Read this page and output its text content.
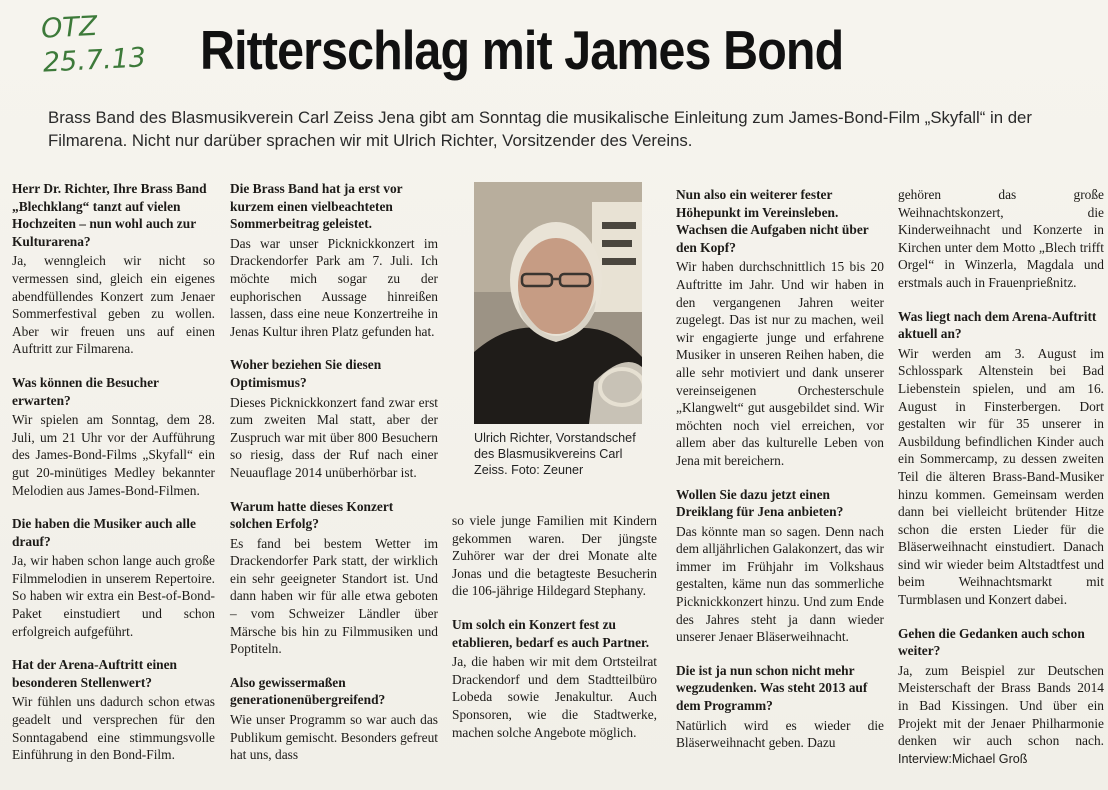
OTZ
25.7.13 Ritterschlag mit James Bond
Brass Band des Blasmusikverein Carl Zeiss Jena gibt am Sonntag die musikalische Einleitung zum James-Bond-Film „Skyfall“ in der Filmarena. Nicht nur darüber sprachen wir mit Ulrich Richter, Vorsitzender des Vereins.

Herr Dr. Richter, Ihre Brass Band „Blechklang“ tanzt auf vielen Hochzeiten – nun wohl auch zur Kulturarena?

Ja, wenngleich wir nicht so vermessen sind, gleich ein eigenes abendfüllendes Konzert zum Jenaer Sommerfestival geben zu wollen. Aber wir freuen uns auf einen Auftritt zur Filmarena.

Was können die Besucher erwarten?

Wir spielen am Sonntag, dem 28. Juli, um 21 Uhr vor der Aufführung des James-Bond-Films „Skyfall“ ein gut 20-minütiges Medley bekannter Melodien aus James-Bond-Filmen.

Die haben die Musiker auch alle drauf?

Ja, wir haben schon lange auch große Filmmelodien in unserem Repertoire. So haben wir extra ein Best-of-Bond-Paket einstudiert und schon erfolgreich aufgeführt.

Hat der Arena-Auftritt einen besonderen Stellenwert?

Wir fühlen uns dadurch schon etwas geadelt und versprechen für den Sonntagabend eine stimmungsvolle Einführung in den Bond-Film.

Die Brass Band hat ja erst vor kurzem einen vielbeachteten Sommerbeitrag geleistet.

Das war unser Picknickkonzert im Drackendorfer Park am 7. Juli. Ich möchte mich sogar zu der euphorischen Aussage hinreißen lassen, dass eine neue Konzertreihe in Jenas Kultur ihren Platz gefunden hat.

Woher beziehen Sie diesen Optimismus?

Dieses Picknickkonzert fand zwar erst zum zweiten Mal statt, aber der Zuspruch war mit über 800 Besuchern so riesig, dass der Ruf nach einer Neuauflage 2014 unüberhörbar ist.

Warum hatte dieses Konzert solchen Erfolg?

Es fand bei bestem Wetter im Drackendorfer Park statt, der wirklich ein sehr geeigneter Standort ist. Und dann haben wir für alle etwa geboten – vom Schweizer Ländler über Märsche bis hin zu Filmmusiken und Poptiteln.

Also gewissermaßen generationenübergreifend?

Wie unser Programm so war auch das Publikum gemischt. Besonders gefreut hat uns, dass

Ulrich Richter, Vorstandschef des Blasmusikvereins Carl Zeiss. Foto: Zeuner

so viele junge Familien mit Kindern gekommen waren. Der jüngste Zuhörer war der drei Monate alte Jonas und die betagteste Besucherin die 106-jährige Hildegard Stephany.

Um solch ein Konzert fest zu etablieren, bedarf es auch Partner.

Ja, die haben wir mit dem Ortsteilrat Drackendorf und dem Stadtteilbüro Lobeda sowie Jenakultur. Auch Sponsoren, wie die Stadtwerke, machen solche Angebote möglich.

Nun also ein weiterer fester Höhepunkt im Vereinsleben. Wachsen die Aufgaben nicht über den Kopf?

Wir haben durchschnittlich 15 bis 20 Auftritte im Jahr. Und wir haben in den vergangenen Jahren weiter zugelegt. Das ist nur zu machen, weil wir engagierte junge und erfahrene Musiker in unseren Reihen haben, die alle sehr motiviert und dank unserer vereinseigenen Orchesterschule „Klangwelt“ gut ausgebildet sind. Wir möchten noch viel erreichen, vor allem aber das kulturelle Leben von Jena mit bereichern.

Wollen Sie dazu jetzt einen Dreiklang für Jena anbieten?

Das könnte man so sagen. Denn nach dem alljährlichen Galakonzert, das wir immer im Frühjahr im Volkshaus gestalten, käme nun das sommerliche Picknickkonzert hinzu. Und zum Ende des Jahres steht ja dann wieder unserer Jenaer Bläserweihnacht.

Die ist ja nun schon nicht mehr wegzudenken. Was steht 2013 auf dem Programm?

Natürlich wird es wieder die Bläserweihnacht geben. Dazu

gehören das große Weihnachtskonzert, die Kinderweihnacht und Konzerte in Kirchen unter dem Motto „Blech trifft Orgel“ in Winzerla, Magdala und erstmals auch in Frauenprießnitz.

Was liegt nach dem Arena-Auftritt aktuell an?

Wir werden am 3. August im Schlosspark Altenstein bei Bad Liebenstein spielen, und am 16. August in Finsterbergen. Dort gestalten wir für 35 unserer in Ausbildung befindlichen Kinder auch ein Sommercamp, zu dessen zweiten Teil die älteren Brass-Band-Musiker hinzu kommen. Gemeinsam werden dann bei vielleicht brütender Hitze schon die ersten Lieder für die Bläserweihnacht einstudiert. Danach sind wir wieder beim Altstadtfest und beim Weihnachtsmarkt mit Turmblasen und Konzert dabei.

Gehen die Gedanken auch schon weiter?

Ja, zum Beispiel zur Deutschen Meisterschaft der Brass Bands 2014 in Bad Kissingen. Und über ein Projekt mit der Jenaer Philharmonie denken wir auch schon nach. Interview:Michael Groß
